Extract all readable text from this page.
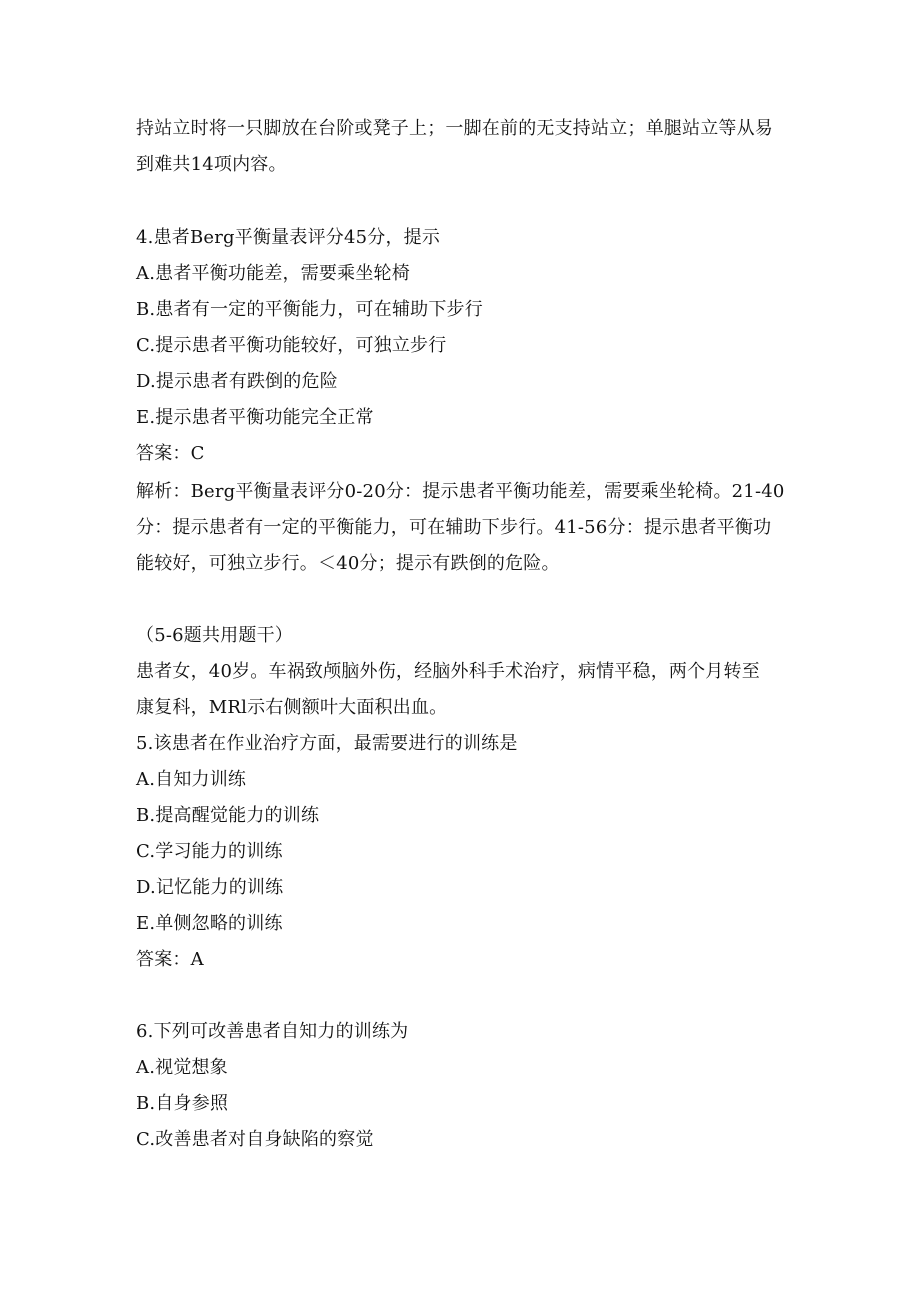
持站立时将一只脚放在台阶或凳子上；一脚在前的无支持站立；单腿站立等从易
到难共14项内容。
4.患者Berg平衡量表评分45分，提示
A.患者平衡功能差，需要乘坐轮椅
B.患者有一定的平衡能力，可在辅助下步行
C.提示患者平衡功能较好，可独立步行
D.提示患者有跌倒的危险
E.提示患者平衡功能完全正常
答案：C
解析：Berg平衡量表评分0-20分：提示患者平衡功能差，需要乘坐轮椅。21-40
分：提示患者有一定的平衡能力，可在辅助下步行。41-56分：提示患者平衡功
能较好，可独立步行。＜40分；提示有跌倒的危险。
（5-6题共用题干）
患者女，40岁。车祸致颅脑外伤，经脑外科手术治疗，病情平稳，两个月转至
康复科，MRl示右侧额叶大面积出血。
5.该患者在作业治疗方面，最需要进行的训练是
A.自知力训练
B.提高醒觉能力的训练
C.学习能力的训练
D.记忆能力的训练
E.单侧忽略的训练
答案：A
6.下列可改善患者自知力的训练为
A.视觉想象
B.自身参照
C.改善患者对自身缺陷的察觉
